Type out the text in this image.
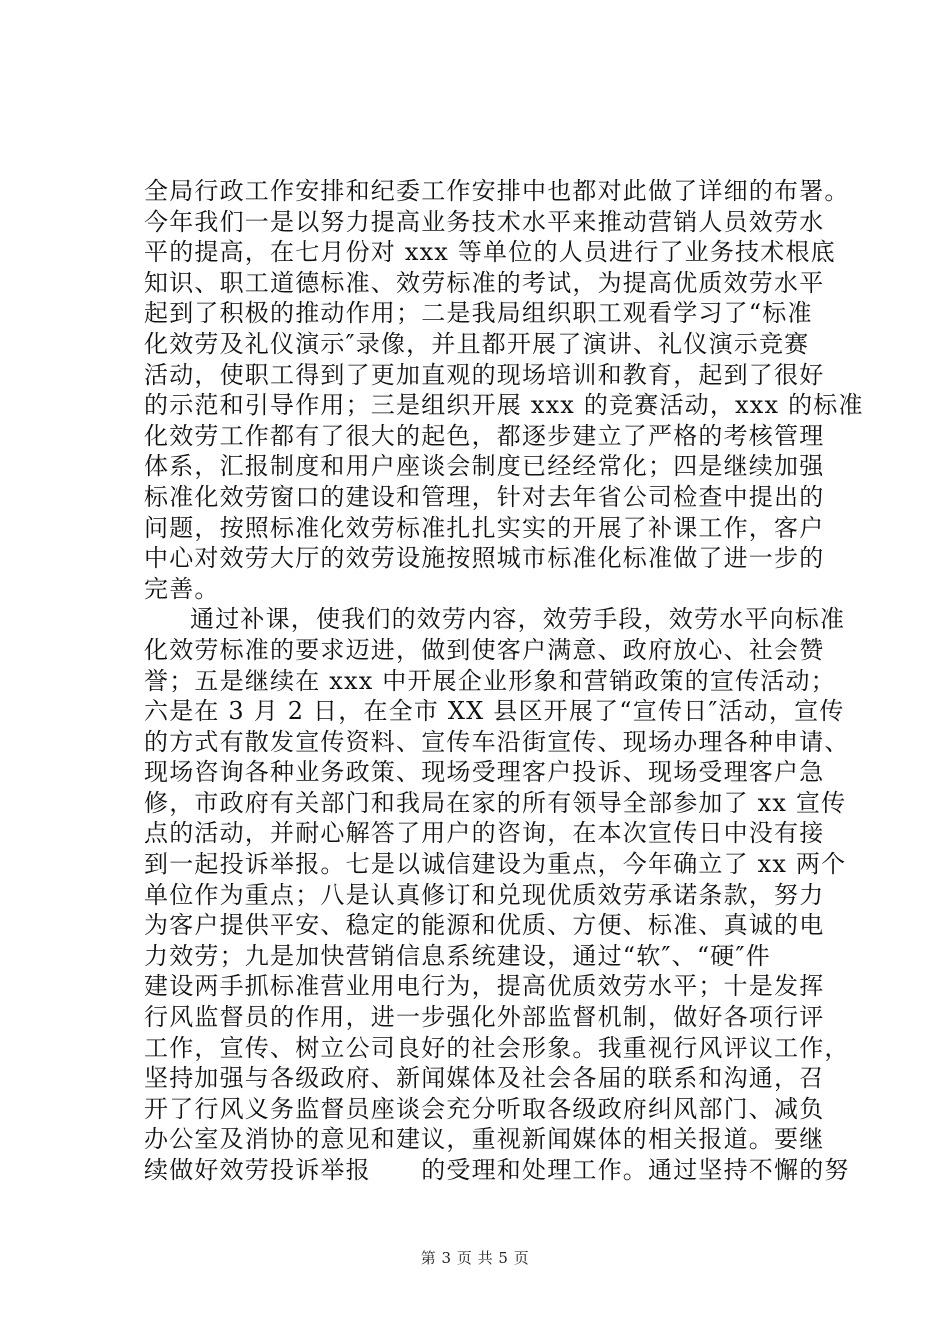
全局行政工作安排和纪委工作安排中也都对此做了详细的布署。
今年我们一是以努力提高业务技术水平来推动营销人员效劳水
平的提高，在七月份对 xxx 等单位的人员进行了业务技术根底
知识、职工道德标准、效劳标准的考试，为提高优质效劳水平
起到了积极的推动作用；二是我局组织职工观看学习了“标准
化效劳及礼仪演示″录像，并且都开展了演讲、礼仪演示竞赛
活动，使职工得到了更加直观的现场培训和教育，起到了很好
的示范和引导作用；三是组织开展 xxx 的竞赛活动，xxx 的标准
化效劳工作都有了很大的起色，都逐步建立了严格的考核管理
体系，汇报制度和用户座谈会制度已经经常化；四是继续加强
标准化效劳窗口的建设和管理，针对去年省公司检查中提出的
问题，按照标准化效劳标准扎扎实实的开展了补课工作，客户
中心对效劳大厅的效劳设施按照城市标准化标准做了进一步的
完善。
通过补课，使我们的效劳内容，效劳手段，效劳水平向标准
化效劳标准的要求迈进，做到使客户满意、政府放心、社会赞
誉；五是继续在 xxx 中开展企业形象和营销政策的宣传活动；
六是在 3 月 2 日，在全市 XX 县区开展了“宣传日″活动，宣传
的方式有散发宣传资料、宣传车沿街宣传、现场办理各种申请、
现场咨询各种业务政策、现场受理客户投诉、现场受理客户急
修，市政府有关部门和我局在家的所有领导全部参加了 xx 宣传
点的活动，并耐心解答了用户的咨询，在本次宣传日中没有接
到一起投诉举报。七是以诚信建设为重点，今年确立了 xx 两个
单位作为重点；八是认真修订和兑现优质效劳承诺条款，努力
为客户提供平安、稳定的能源和优质、方便、标准、真诚的电
力效劳；九是加快营销信息系统建设，通过“软″、“硬″件
建设两手抓标准营业用电行为，提高优质效劳水平；十是发挥
行风监督员的作用，进一步强化外部监督机制，做好各项行评
工作，宣传、树立公司良好的社会形象。我重视行风评议工作，
坚持加强与各级政府、新闻媒体及社会各届的联系和沟通，召
开了行风义务监督员座谈会充分听取各级政府纠风部门、减负
办公室及消协的意见和建议，重视新闻媒体的相关报道。要继
续做好效劳投诉举报　　的受理和处理工作。通过坚持不懈的努
第 3 页 共 5 页
